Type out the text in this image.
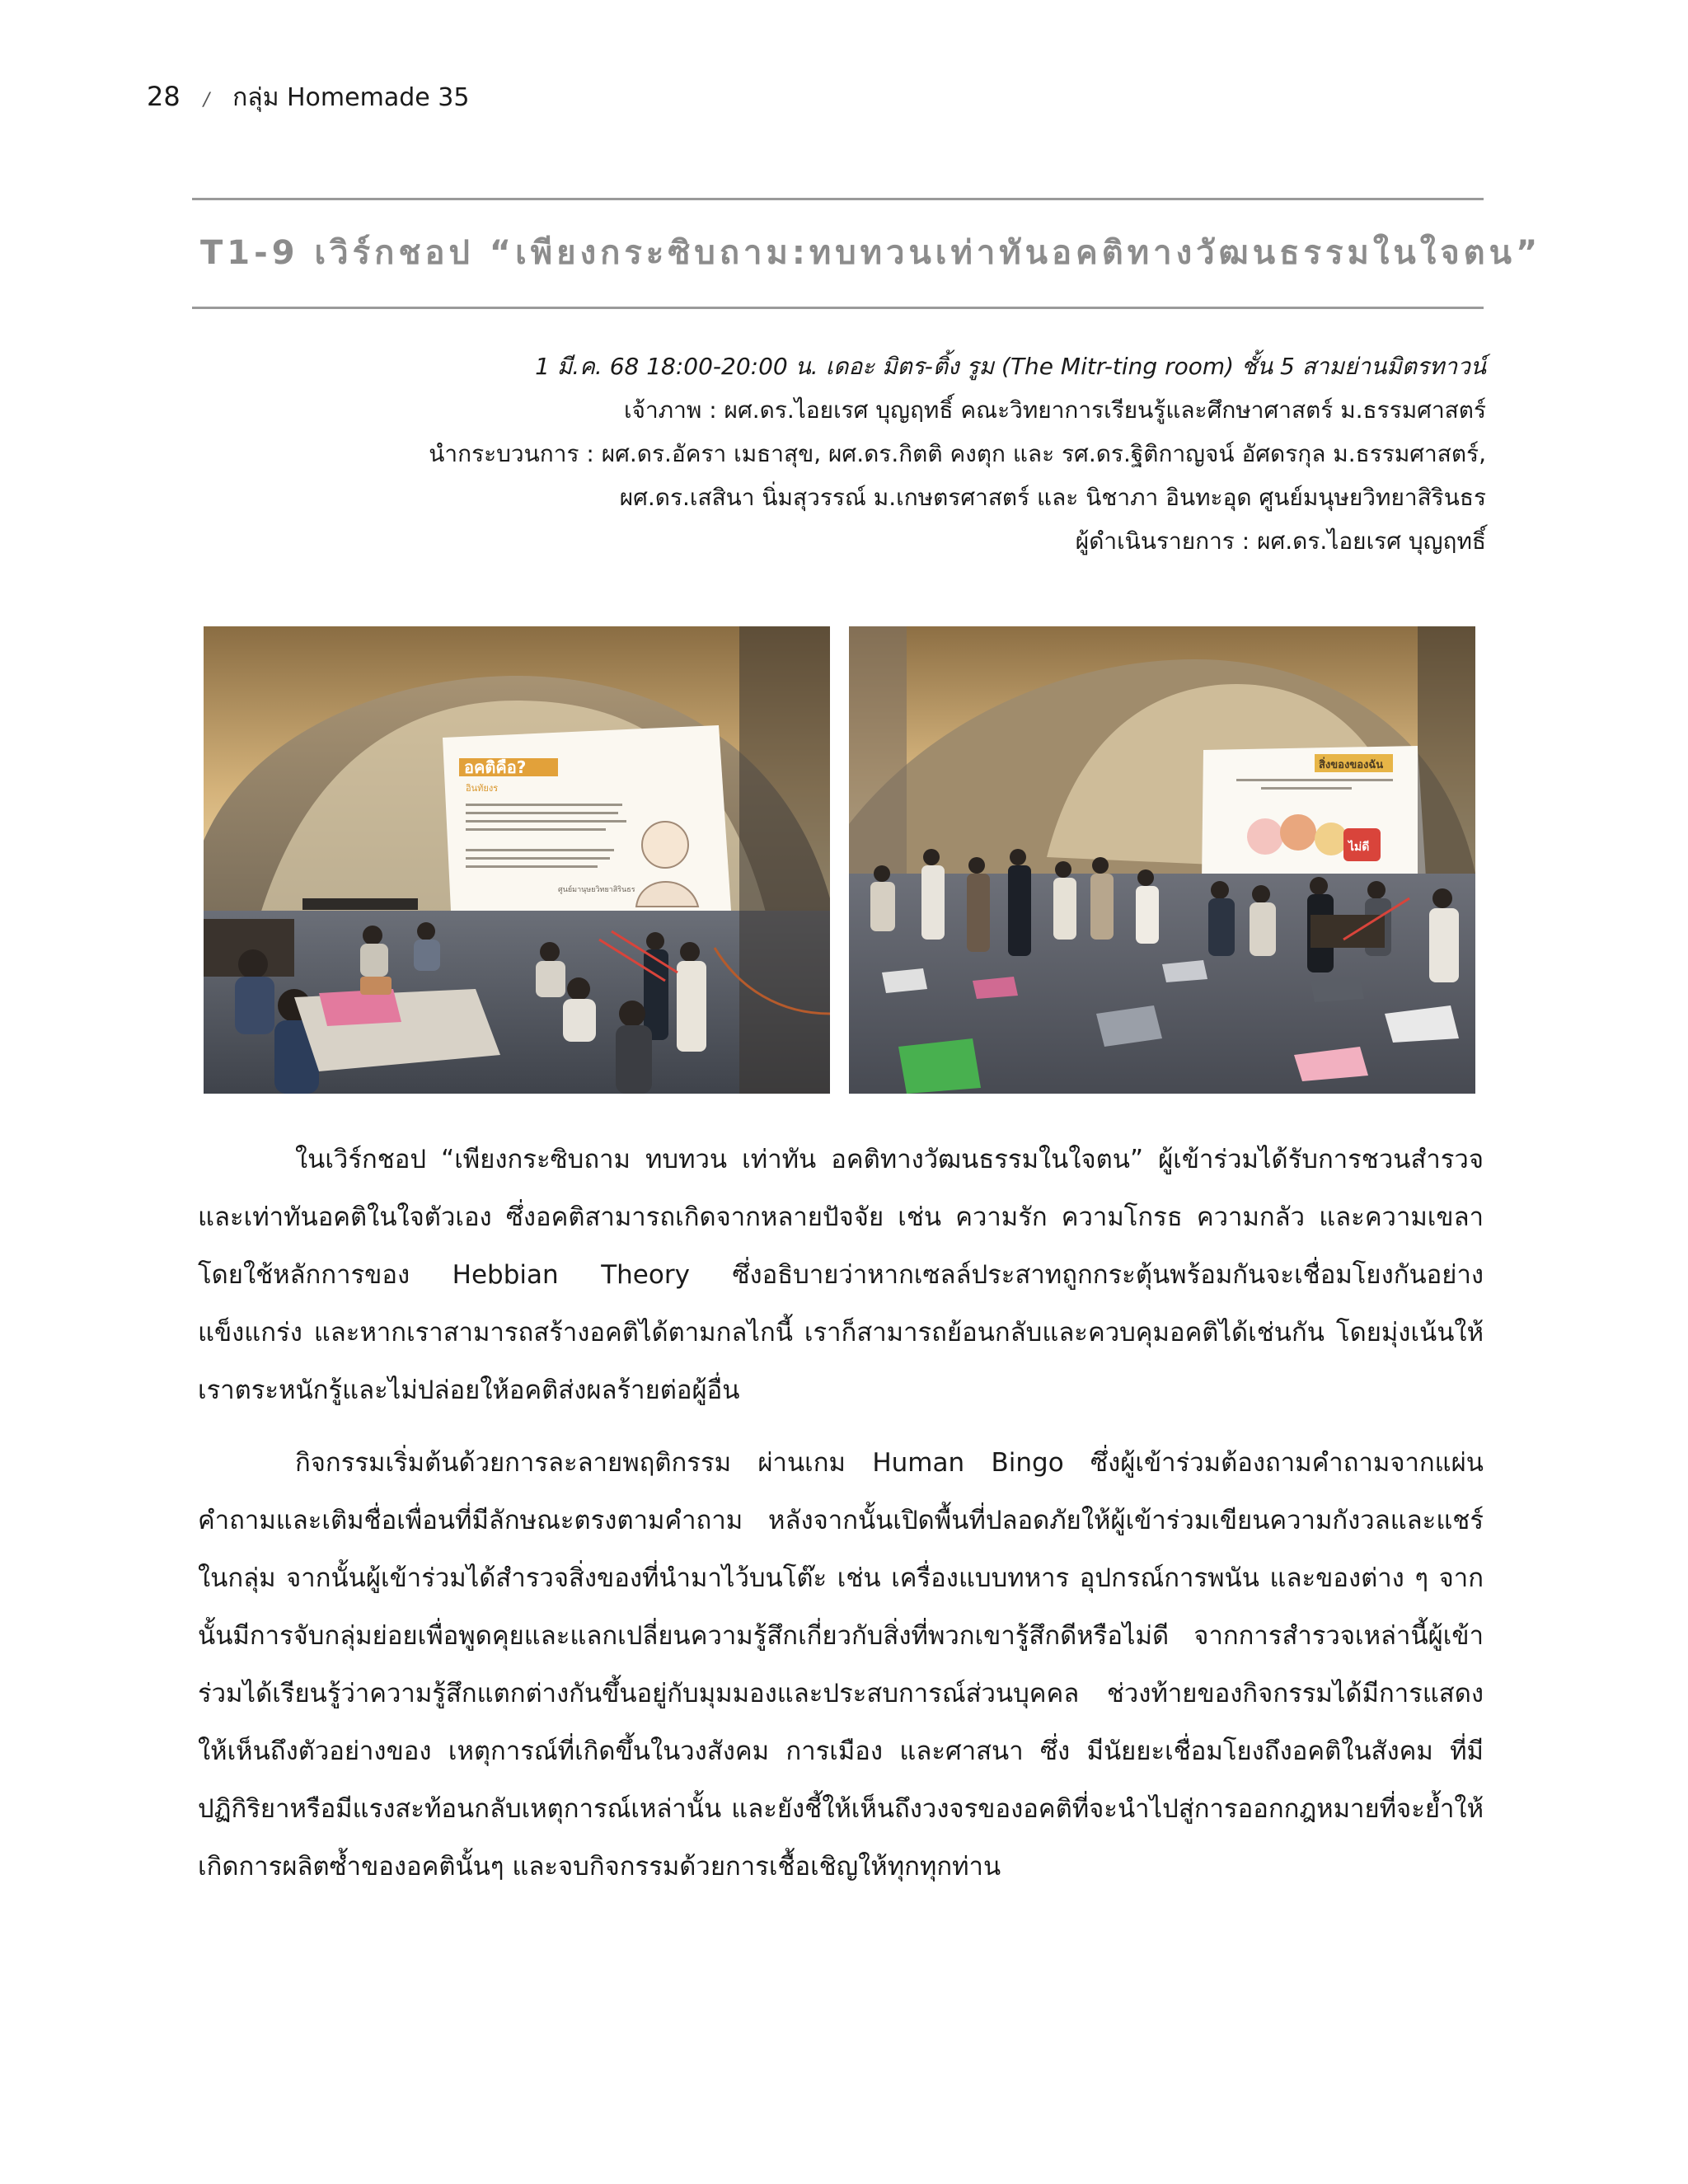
28 / กลุ่ม Homemade 35
T1-9 เวิร์กชอป “เพียงกระซิบถาม:ทบทวนเท่าทันอคติทางวัฒนธรรมในใจตน”
1 มี.ค. 68 18:00-20:00 น. เดอะ มิตร-ติ้ง รูม (The Mitr-ting room) ชั้น 5 สามย่านมิตรทาวน์
เจ้าภาพ : ผศ.ดร.ไอยเรศ บุญฤทธิ์ คณะวิทยาการเรียนรู้และศึกษาศาสตร์ ม.ธรรมศาสตร์
นำกระบวนการ : ผศ.ดร.อัครา เมธาสุข, ผศ.ดร.กิตติ คงตุก และ รศ.ดร.ฐิติกาญจน์ อัศดรกุล ม.ธรรมศาสตร์,
ผศ.ดร.เสสินา นิ่มสุวรรณ์ ม.เกษตรศาสตร์ และ นิชาภา อินทะอุด ศูนย์มนุษยวิทยาสิรินธร
ผู้ดำเนินรายการ : ผศ.ดร.ไอยเรศ บุญฤทธิ์
อคติคือ?
อินทัยงร
ศูนย์มานุษยวิทยาสิรินธร
สิ่งของของฉัน
ไม่ดี

ในเวิร์กชอป “เพียงกระซิบถาม ทบทวน เท่าทัน อคติทางวัฒนธรรมในใจตน” ผู้เข้าร่วมได้รับการชวนสำรวจและเท่าทันอคติในใจตัวเอง ซึ่งอคติสามารถเกิดจากหลายปัจจัย เช่น ความรัก ความโกรธ ความกลัว และความเขลา โดยใช้หลักการของ Hebbian Theory ซึ่งอธิบายว่าหากเซลล์ประสาทถูกกระตุ้นพร้อมกันจะเชื่อมโยงกันอย่างแข็งแกร่ง และหากเราสามารถสร้างอคติได้ตามกลไกนี้ เราก็สามารถย้อนกลับและควบคุมอคติได้เช่นกัน โดยมุ่งเน้นให้เราตระหนักรู้และไม่ปล่อยให้อคติส่งผลร้ายต่อผู้อื่น

กิจกรรมเริ่มต้นด้วยการละลายพฤติกรรม ผ่านเกม Human Bingo ซึ่งผู้เข้าร่วมต้องถามคำถามจากแผ่นคำถามและเติมชื่อเพื่อนที่มีลักษณะตรงตามคำถาม หลังจากนั้นเปิดพื้นที่ปลอดภัยให้ผู้เข้าร่วมเขียนความกังวลและแชร์ในกลุ่ม จากนั้นผู้เข้าร่วมได้สำรวจสิ่งของที่นำมาไว้บนโต๊ะ เช่น เครื่องแบบทหาร อุปกรณ์การพนัน และของต่าง ๆ จากนั้นมีการจับกลุ่มย่อยเพื่อพูดคุยและแลกเปลี่ยนความรู้สึกเกี่ยวกับสิ่งที่พวกเขารู้สึกดีหรือไม่ดี จากการสำรวจเหล่านี้ผู้เข้าร่วมได้เรียนรู้ว่าความรู้สึกแตกต่างกันขึ้นอยู่กับมุมมองและประสบการณ์ส่วนบุคคล ช่วงท้ายของกิจกรรมได้มีการแสดงให้เห็นถึงตัวอย่างของ เหตุการณ์ที่เกิดขึ้นในวงสังคม การเมือง และศาสนา ซึ่ง มีนัยยะเชื่อมโยงถึงอคติในสังคม ที่มีปฏิกิริยาหรือมีแรงสะท้อนกลับเหตุการณ์เหล่านั้น และยังชี้ให้เห็นถึงวงจรของอคติที่จะนำไปสู่การออกกฎหมายที่จะย้ำให้เกิดการผลิตซ้ำของอคตินั้นๆ และจบกิจกรรมด้วยการเชื้อเชิญให้ทุกทุกท่าน
